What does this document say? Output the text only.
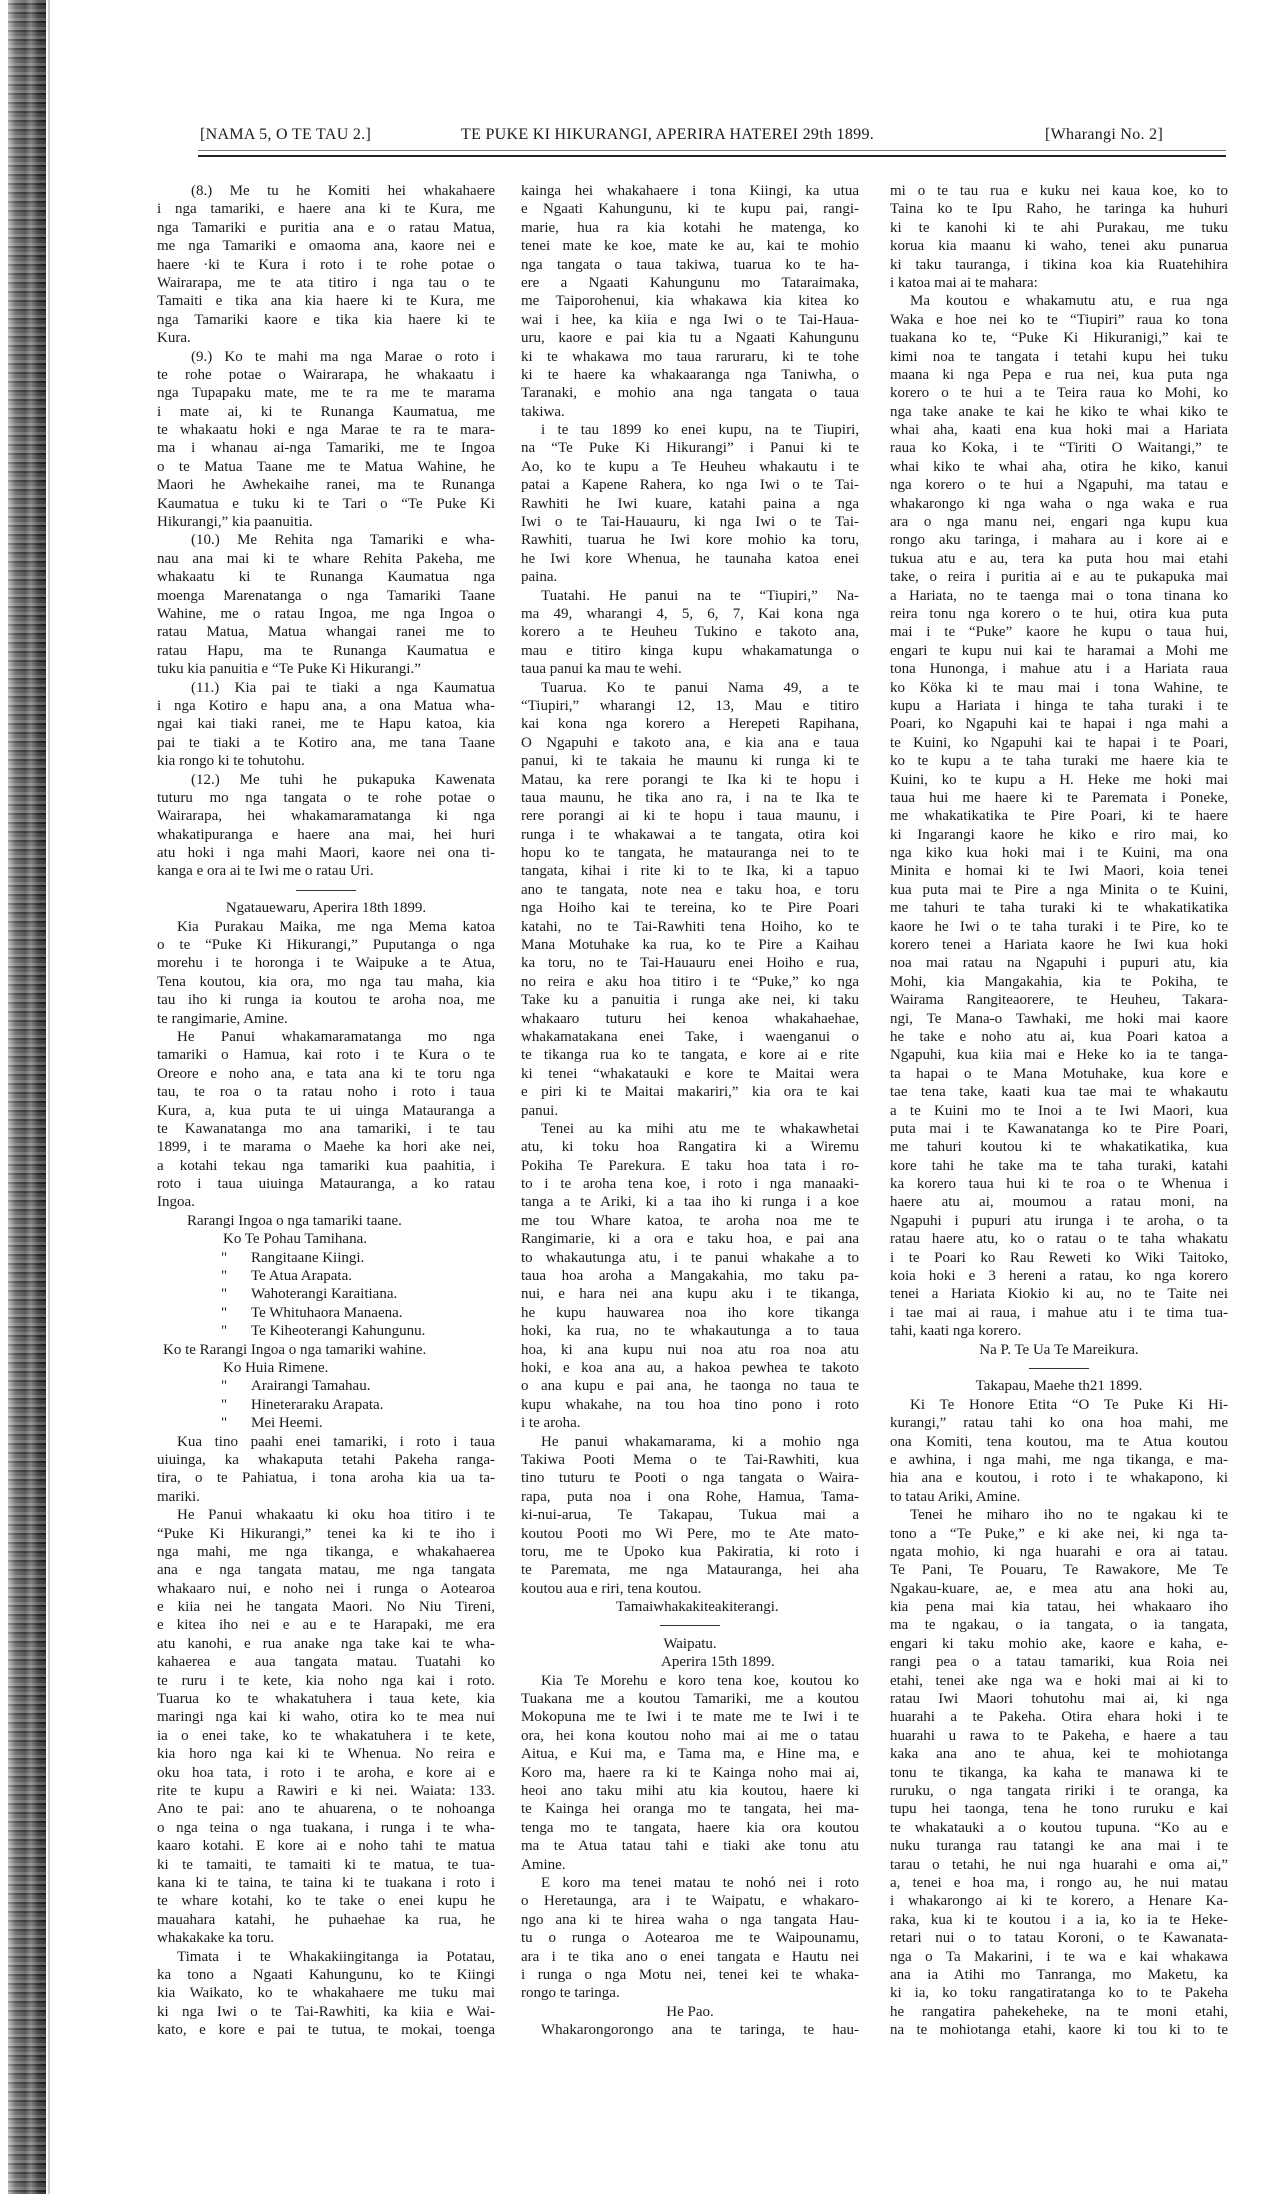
[NAMA 5, O TE TAU 2.]	TE PUKE KI HIKURANGI, APERIRA HATEREI 29th 1899.	[Wharangi No. 2]
(8.) Me tu he Komiti hei whakahaere
i nga tamariki, e haere ana ki te Kura, me
nga Tamariki e puritia ana e o ratau Matua,
me nga Tamariki e omaoma ana, kaore nei e
haere ·ki te Kura i roto i te rohe potae o
Wairarapa, me te ata titiro i nga tau o te
Tamaiti e tika ana kia haere ki te Kura, me
nga Tamariki kaore e tika kia haere ki te
Kura.
(9.) Ko te mahi ma nga Marae o roto i
te rohe potae o Wairarapa, he whakaatu i
nga Tupapaku mate, me te ra me te marama
i mate ai, ki te Runanga Kaumatua, me
te whakaatu hoki e nga Marae te ra te mara-
ma i whanau ai-nga Tamariki, me te Ingoa
o te Matua Taane me te Matua Wahine, he
Maori he Awhekaihe ranei, ma te Runanga
Kaumatua e tuku ki te Tari o “Te Puke Ki
Hikurangi,” kia paanuitia.
(10.) Me Rehita nga Tamariki e wha-
nau ana mai ki te whare Rehita Pakeha, me
whakaatu ki te Runanga Kaumatua nga
moenga Marenatanga o nga Tamariki Taane
Wahine, me o ratau Ingoa, me nga Ingoa o
ratau Matua, Matua whangai ranei me to
ratau Hapu, ma te Runanga Kaumatua e
tuku kia panuitia e “Te Puke Ki Hikurangi.”
(11.) Kia pai te tiaki a nga Kaumatua
i nga Kotiro e hapu ana, a ona Matua wha-
ngai kai tiaki ranei, me te Hapu katoa, kia
pai te tiaki a te Kotiro ana, me tana Taane
kia rongo ki te tohutohu.
(12.) Me tuhi he pukapuka Kawenata
tuturu mo nga tangata o te rohe potae o
Wairarapa, hei whakamaramatanga ki nga
whakatipuranga e haere ana mai, hei huri
atu hoki i nga mahi Maori, kaore nei ona ti-
kanga e ora ai te Iwi me o ratau Uri.
Ngatauewaru, Aperira 18th 1899.
Kia Purakau Maika, me nga Mema katoa
o te “Puke Ki Hikurangi,” Puputanga o nga
morehu i te horonga i te Waipuke a te Atua,
Tena koutou, kia ora, mo nga tau maha, kia
tau iho ki runga ia koutou te aroha noa, me
te rangimarie, Amine.
He Panui whakamaramatanga mo nga
tamariki o Hamua, kai roto i te Kura o te
Oreore e noho ana, e tata ana ki te toru nga
tau, te roa o ta ratau noho i roto i taua
Kura, a, kua puta te ui uinga Matauranga a
te Kawanatanga mo ana tamariki, i te tau
1899, i te marama o Maehe ka hori ake nei,
a kotahi tekau nga tamariki kua paahitia, i
roto i taua uiuinga Matauranga, a ko ratau
Ingoa.
Rarangi Ingoa o nga tamariki taane.
Ko Te Pohau Tamihana.
" Rangitaane Kiingi.
" Te Atua Arapata.
" Wahoterangi Karaitiana.
" Te Whituhaora Manaena.
" Te Kiheoterangi Kahungunu.
Ko te Rarangi Ingoa o nga tamariki wahine.
Ko Huia Rimene.
" Arairangi Tamahau.
" Hineteraraku Arapata.
" Mei Heemi.
Kua tino paahi enei tamariki, i roto i taua
uiuinga, ka whakaputa tetahi Pakeha ranga-
tira, o te Pahiatua, i tona aroha kia ua ta-
mariki.
He Panui whakaatu ki oku hoa titiro i te
“Puke Ki Hikurangi,” tenei ka ki te iho i
nga mahi, me nga tikanga, e whakahaerea
ana e nga tangata matau, me nga tangata
whakaaro nui, e noho nei i runga o Aotearoa
e kiia nei he tangata Maori. No Niu Tireni,
e kitea iho nei e au e te Harapaki, me era
atu kanohi, e rua anake nga take kai te wha-
kahaerea e aua tangata matau. Tuatahi ko
te ruru i te kete, kia noho nga kai i roto.
Tuarua ko te whakatuhera i taua kete, kia
maringi nga kai ki waho, otira ko te mea nui
ia o enei take, ko te whakatuhera i te kete,
kia horo nga kai ki te Whenua. No reira e
oku hoa tata, i roto i te aroha, e kore ai e
rite te kupu a Rawiri e ki nei. Waiata: 133.
Ano te pai: ano te ahuarena, o te nohoanga
o nga teina o nga tuakana, i runga i te wha-
kaaro kotahi. E kore ai e noho tahi te matua
ki te tamaiti, te tamaiti ki te matua, te tua-
kana ki te taina, te taina ki te tuakana i roto i
te whare kotahi, ko te take o enei kupu he
mauahara katahi, he puhaehae ka rua, he
whakakake ka toru.
Timata i te Whakakiingitanga ia Potatau,
ka tono a Ngaati Kahungunu, ko te Kiingi
kia Waikato, ko te whakahaere me tuku mai
ki nga Iwi o te Tai-Rawhiti, ka kiia e Wai-
kato, e kore e pai te tutua, te mokai, toenga
kainga hei whakahaere i tona Kiingi, ka utua
e Ngaati Kahungunu, ki te kupu pai, rangi-
marie, hua ra kia kotahi he matenga, ko
tenei mate ke koe, mate ke au, kai te mohio
nga tangata o taua takiwa, tuarua ko te ha-
ere a Ngaati Kahungunu mo Tataraimaka,
me Taiporohenui, kia whakawa kia kitea ko
wai i hee, ka kiia e nga Iwi o te Tai-Haua-
uru, kaore e pai kia tu a Ngaati Kahungunu
ki te whakawa mo taua raruraru, ki te tohe
ki te haere ka whakaaranga nga Taniwha, o
Taranaki, e mohio ana nga tangata o taua
takiwa.
i te tau 1899 ko enei kupu, na te Tiupiri,
na “Te Puke Ki Hikurangi” i Panui ki te
Ao, ko te kupu a Te Heuheu whakautu i te
patai a Kapene Rahera, ko nga Iwi o te Tai-
Rawhiti he Iwi kuare, katahi paina a nga
Iwi o te Tai-Hauauru, ki nga Iwi o te Tai-
Rawhiti, tuarua he Iwi kore mohio ka toru,
he Iwi kore Whenua, he taunaha katoa enei
paina.
Tuatahi. He panui na te “Tiupiri,” Na-
ma 49, wharangi 4, 5, 6, 7, Kai kona nga
korero a te Heuheu Tukino e takoto ana,
mau e titiro kinga kupu whakamatunga o
taua panui ka mau te wehi.
Tuarua. Ko te panui Nama 49, a te
“Tiupiri,” wharangi 12, 13, Mau e titiro
kai kona nga korero a Herepeti Rapihana,
O Ngapuhi e takoto ana, e kia ana e taua
panui, ki te takaia he maunu ki runga ki te
Matau, ka rere porangi te Ika ki te hopu i
taua maunu, he tika ano ra, i na te Ika te
rere porangi ai ki te hopu i taua maunu, i
runga i te whakawai a te tangata, otira koi
hopu ko te tangata, he matauranga nei to te
tangata, kihai i rite ki to te Ika, ki a tapuo
ano te tangata, note nea e taku hoa, e toru
nga Hoiho kai te tereina, ko te Pire Poari
katahi, no te Tai-Rawhiti tena Hoiho, ko te
Mana Motuhake ka rua, ko te Pire a Kaihau
ka toru, no te Tai-Hauauru enei Hoiho e rua,
no reira e aku hoa titiro i te “Puke,” ko nga
Take ku a panuitia i runga ake nei, ki taku
whakaaro tuturu hei kenoa whakahaehae,
whakamatakana enei Take, i waenganui o
te tikanga rua ko te tangata, e kore ai e rite
ki tenei “whakatauki e kore te Maitai wera
e piri ki te Maitai makariri,” kia ora te kai
panui.
Tenei au ka mihi atu me te whakawhetai
atu, ki toku hoa Rangatira ki a Wiremu
Pokiha Te Parekura. E taku hoa tata i ro-
to i te aroha tena koe, i roto i nga manaaki-
tanga a te Ariki, ki a taa iho ki runga i a koe
me tou Whare katoa, te aroha noa me te
Rangimarie, ki a ora e taku hoa, e pai ana
to whakautunga atu, i te panui whakahe a to
taua hoa aroha a Mangakahia, mo taku pa-
nui, e hara nei ana kupu aku i te tikanga,
he kupu hauwarea noa iho kore tikanga
hoki, ka rua, no te whakautunga a to taua
hoa, ki ana kupu nui noa atu roa noa atu
hoki, e koa ana au, a hakoa pewhea te takoto
o ana kupu e pai ana, he taonga no taua te
kupu whakahe, na tou hoa tino pono i roto
i te aroha.
He panui whakamarama, ki a mohio nga
Takiwa Pooti Mema o te Tai-Rawhiti, kua
tino tuturu te Pooti o nga tangata o Waira-
rapa, puta noa i ona Rohe, Hamua, Tama-
ki-nui-arua, Te Takapau, Tukua mai a
koutou Pooti mo Wi Pere, mo te Ate mato-
toru, me te Upoko kua Pakiratia, ki roto i
te Paremata, me nga Matauranga, hei aha
koutou aua e riri, tena koutou.
Tamaiwhakakiteakiterangi.
Waipatu.
Aperira 15th 1899.
Kia Te Morehu e koro tena koe, koutou ko
Tuakana me a koutou Tamariki, me a koutou
Mokopuna me te Iwi i te mate me te Iwi i te
ora, hei kona koutou noho mai ai me o tatau
Aitua, e Kui ma, e Tama ma, e Hine ma, e
Koro ma, haere ra ki te Kainga noho mai ai,
heoi ano taku mihi atu kia koutou, haere ki
te Kainga hei oranga mo te tangata, hei ma-
tenga mo te tangata, haere kia ora koutou
ma te Atua tatau tahi e tiaki ake tonu atu
Amine.
E koro ma tenei matau te nohó nei i roto
o Heretaunga, ara i te Waipatu, e whakaro-
ngo ana ki te hirea waha o nga tangata Hau-
tu o runga o Aotearoa me te Waipounamu,
ara i te tika ano o enei tangata e Hautu nei
i runga o nga Motu nei, tenei kei te whaka-
rongo te taringa.
He Pao.
Whakarongorongo ana te taringa, te hau-
mi o te tau rua e kuku nei kaua koe, ko to
Taina ko te Ipu Raho, he taringa ka huhuri
ki te kanohi ki te ahi Purakau, me tuku
korua kia maanu ki waho, tenei aku punarua
ki taku tauranga, i tikina koa kia Ruatehihira
i katoa mai ai te mahara:
Ma koutou e whakamutu atu, e rua nga
Waka e hoe nei ko te “Tiupiri” raua ko tona
tuakana ko te, “Puke Ki Hikuranigi,” kai te
kimi noa te tangata i tetahi kupu hei tuku
maana ki nga Pepa e rua nei, kua puta nga
korero o te hui a te Teira raua ko Mohi, ko
nga take anake te kai he kiko te whai kiko te
whai aha, kaati ena kua hoki mai a Hariata
raua ko Koka, i te “Tiriti O Waitangi,” te
whai kiko te whai aha, otira he kiko, kanui
nga korero o te hui a Ngapuhi, ma tatau e
whakarongo ki nga waha o nga waka e rua
ara o nga manu nei, engari nga kupu kua
rongo aku taringa, i mahara au i kore ai e
tukua atu e au, tera ka puta hou mai etahi
take, o reira i puritia ai e au te pukapuka mai
a Hariata, no te taenga mai o tona tinana ko
reira tonu nga korero o te hui, otira kua puta
mai i te “Puke” kaore he kupu o taua hui,
engari te kupu nui kai te haramai a Mohi me
tona Hunonga, i mahue atu i a Hariata raua
ko Köka ki te mau mai i tona Wahine, te
kupu a Hariata i hinga te taha turaki i te
Poari, ko Ngapuhi kai te hapai i nga mahi a
te Kuini, ko Ngapuhi kai te hapai i te Poari,
ko te kupu a te taha turaki me haere kia te
Kuini, ko te kupu a H. Heke me hoki mai
taua hui me haere ki te Paremata i Poneke,
me whakatikatika te Pire Poari, ki te haere
ki Ingarangi kaore he kiko e riro mai, ko
nga kiko kua hoki mai i te Kuini, ma ona
Minita e homai ki te Iwi Maori, koia tenei
kua puta mai te Pire a nga Minita o te Kuini,
me tahuri te taha turaki ki te whakatikatika
kaore he Iwi o te taha turaki i te Pire, ko te
korero tenei a Hariata kaore he Iwi kua hoki
noa mai ratau na Ngapuhi i pupuri atu, kia
Mohi, kia Mangakahia, kia te Pokiha, te
Wairama Rangiteaorere, te Heuheu, Takara-
ngi, Te Mana-o Tawhaki, me hoki mai kaore
he take e noho atu ai, kua Poari katoa a
Ngapuhi, kua kiia mai e Heke ko ia te tanga-
ta hapai o te Mana Motuhake, kua kore e
tae tena take, kaati kua tae mai te whakautu
a te Kuini mo te Inoi a te Iwi Maori, kua
puta mai i te Kawanatanga ko te Pire Poari,
me tahuri koutou ki te whakatikatika, kua
kore tahi he take ma te taha turaki, katahi
ka korero taua hui ki te roa o te Whenua i
haere atu ai, moumou a ratau moni, na
Ngapuhi i pupuri atu irunga i te aroha, o ta
ratau haere atu, ko o ratau o te taha whakatu
i te Poari ko Rau Reweti ko Wiki Taitoko,
koia hoki e 3 hereni a ratau, ko nga korero
tenei a Hariata Kiokio ki au, no te Taite nei
i tae mai ai raua, i mahue atu i te tima tua-
tahi, kaati nga korero.
Na P. Te Ua Te Mareikura.
Takapau, Maehe th21 1899.
Ki Te Honore Etita “O Te Puke Ki Hi-
kurangi,” ratau tahi ko ona hoa mahi, me
ona Komiti, tena koutou, ma te Atua koutou
e awhina, i nga mahi, me nga tikanga, e ma-
hia ana e koutou, i roto i te whakapono, ki
to tatau Ariki, Amine.
Tenei he miharo iho no te ngakau ki te
tono a “Te Puke,” e ki ake nei, ki nga ta-
ngata mohio, ki nga huarahi e ora ai tatau.
Te Pani, Te Pouaru, Te Rawakore, Me Te
Ngakau-kuare, ae, e mea atu ana hoki au,
kia pena mai kia tatau, hei whakaaro iho
ma te ngakau, o ia tangata, o ia tangata,
engari ki taku mohio ake, kaore e kaha, e-
rangi pea o a tatau tamariki, kua Roia nei
etahi, tenei ake nga wa e hoki mai ai ki to
ratau Iwi Maori tohutohu mai ai, ki nga
huarahi a te Pakeha. Otira ehara hoki i te
huarahi u rawa to te Pakeha, e haere a tau
kaka ana ano te ahua, kei te mohiotanga
tonu te tikanga, ka kaha te manawa ki te
ruruku, o nga tangata ririki i te oranga, ka
tupu hei taonga, tena he tono ruruku e kai
te whakatauki a o koutou tupuna. “Ko au e
nuku turanga rau tatangi ke ana mai i te
tarau o tetahi, he nui nga huarahi e oma ai,”
a, tenei e hoa ma, i rongo au, he nui matau
i whakarongo ai ki te korero, a Henare Ka-
raka, kua ki te koutou i a ia, ko ia te Heke-
retari nui o to tatau Koroni, o te Kawanata-
nga o Ta Makarini, i te wa e kai whakawa
ana ia Atihi mo Tanranga, mo Maketu, ka
ki ia, ko toku rangatiratanga ko to te Pakeha
he rangatira pahekeheke, na te moni etahi,
na te mohiotanga etahi, kaore ki tou ki to te
